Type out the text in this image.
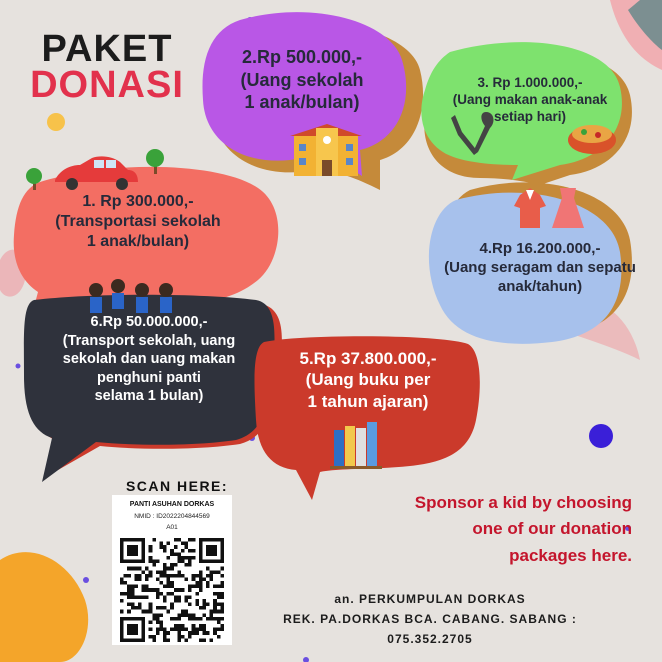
PAKET
DONASI
1. Rp 300.000,-
(Transportasi sekolah
1 anak/bulan)
2.Rp 500.000,-
(Uang sekolah
1 anak/bulan)
3. Rp 1.000.000,-
(Uang makan anak-anak
setiap hari)
4.Rp 16.200.000,-
(Uang seragam dan sepatu
anak/tahun)
5.Rp 37.800.000,-
(Uang buku per
1 tahun ajaran)
6.Rp 50.000.000,-
(Transport sekolah, uang
sekolah dan uang makan
penghuni panti
selama 1 bulan)
SCAN HERE:
PANTI ASUHAN DORKAS
NMID : ID2022204844569
A01
Sponsor a kid by choosing
one of our donation
packages here.
an. PERKUMPULAN DORKAS
REK. PA.DORKAS BCA. CABANG. SABANG :
075.352.2705
